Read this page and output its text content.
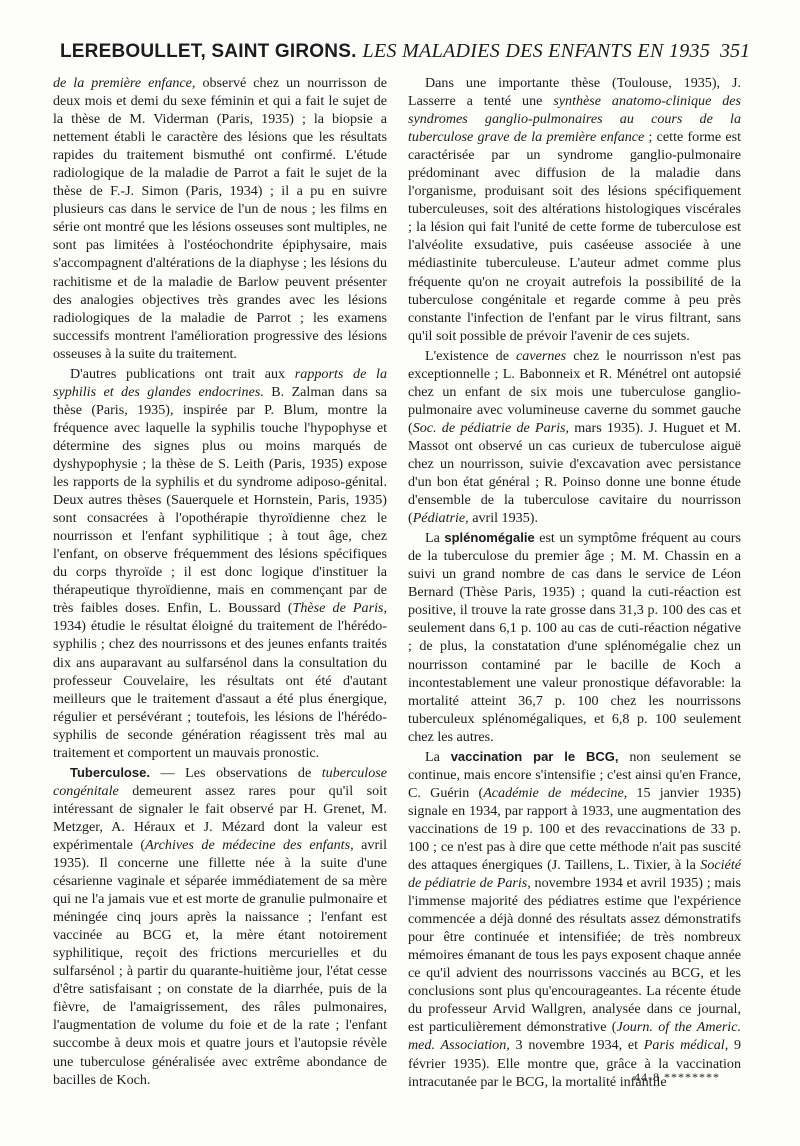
LEREBOULLET, SAINT GIRONS. LES MALADIES DES ENFANTS EN 1935 351

de la première enfance, observé chez un nourrisson de deux mois et demi du sexe féminin et qui a fait le sujet de la thèse de M. Viderman (Paris, 1935) ; la biopsie a nettement établi le caractère des lésions que les résultats rapides du traitement bismuthé ont confirmé. L'étude radiologique de la maladie de Parrot a fait le sujet de la thèse de F.-J. Simon (Paris, 1934) ; il a pu en suivre plusieurs cas dans le service de l'un de nous ; les films en série ont montré que les lésions osseuses sont multiples, ne sont pas limitées à l'ostéochondrite épiphysaire, mais s'accompagnent d'altérations de la diaphyse ; les lésions du rachitisme et de la maladie de Barlow peuvent présenter des analogies objectives très grandes avec les lésions radiologiques de la maladie de Parrot ; les examens successifs montrent l'amélioration progressive des lésions osseuses à la suite du traitement.

D'autres publications ont trait aux rapports de la syphilis et des glandes endocrines. B. Zalman dans sa thèse (Paris, 1935), inspirée par P. Blum, montre la fréquence avec laquelle la syphilis touche l'hypophyse et détermine des signes plus ou moins marqués de dyshypophysie ; la thèse de S. Leith (Paris, 1935) expose les rapports de la syphilis et du syndrome adiposo-génital. Deux autres thèses (Sauerquele et Hornstein, Paris, 1935) sont consacrées à l'opothérapie thyroïdienne chez le nourrisson et l'enfant syphilitique ; à tout âge, chez l'enfant, on observe fréquemment des lésions spécifiques du corps thyroïde ; il est donc logique d'instituer la thérapeutique thyroïdienne, mais en commençant par de très faibles doses. Enfin, L. Boussard (Thèse de Paris, 1934) étudie le résultat éloigné du traitement de l'hérédo-syphilis ; chez des nourrissons et des jeunes enfants traités dix ans auparavant au sulfarsénol dans la consultation du professeur Couvelaire, les résultats ont été d'autant meilleurs que le traitement d'assaut a été plus énergique, régulier et persévérant ; toutefois, les lésions de l'hérédo-syphilis de seconde génération réagissent très mal au traitement et comportent un mauvais pronostic.

Tuberculose. — Les observations de tuberculose congénitale demeurent assez rares pour qu'il soit intéressant de signaler le fait observé par H. Grenet, M. Metzger, A. Héraux et J. Mézard dont la valeur est expérimentale (Archives de médecine des enfants, avril 1935). Il concerne une fillette née à la suite d'une césarienne vaginale et séparée immédiatement de sa mère qui ne l'a jamais vue et est morte de granulie pulmonaire et méningée cinq jours après la naissance ; l'enfant est vaccinée au BCG et, la mère étant notoirement syphilitique, reçoit des frictions mercurielles et du sulfarsénol ; à partir du quarante-huitième jour, l'état cesse d'être satisfaisant ; on constate de la diarrhée, puis de la fièvre, de l'amaigrissement, des râles pulmonaires, l'augmentation de volume du foie et de la rate ; l'enfant succombe à deux mois et quatre jours et l'autopsie révèle une tuberculose généralisée avec extrême abondance de bacilles de Koch.

Dans une importante thèse (Toulouse, 1935), J. Lasserre a tenté une synthèse anatomo-clinique des syndromes ganglio-pulmonaires au cours de la tuberculose grave de la première enfance ; cette forme est caractérisée par un syndrome ganglio-pulmonaire prédominant avec diffusion de la maladie dans l'organisme, produisant soit des lésions spécifiquement tuberculeuses, soit des altérations histologiques viscérales ; la lésion qui fait l'unité de cette forme de tuberculose est l'alvéolite exsudative, puis caséeuse associée à une médiastinite tuberculeuse. L'auteur admet comme plus fréquente qu'on ne croyait autrefois la possibilité de la tuberculose congénitale et regarde comme à peu près constante l'infection de l'enfant par le virus filtrant, sans qu'il soit possible de prévoir l'avenir de ces sujets.

L'existence de cavernes chez le nourrisson n'est pas exceptionnelle ; L. Babonneix et R. Ménétrel ont autopsié chez un enfant de six mois une tuberculose ganglio-pulmonaire avec volumineuse caverne du sommet gauche (Soc. de pédiatrie de Paris, mars 1935). J. Huguet et M. Massot ont observé un cas curieux de tuberculose aiguë chez un nourrisson, suivie d'excavation avec persistance d'un bon état général ; R. Poinso donne une bonne étude d'ensemble de la tuberculose cavitaire du nourrisson (Pédiatrie, avril 1935).

La splénomégalie est un symptôme fréquent au cours de la tuberculose du premier âge ; M. M. Chassin en a suivi un grand nombre de cas dans le service de Léon Bernard (Thèse Paris, 1935) ; quand la cuti-réaction est positive, il trouve la rate grosse dans 31,3 p. 100 des cas et seulement dans 6,1 p. 100 au cas de cuti-réaction négative ; de plus, la constatation d'une splénomégalie chez un nourrisson contaminé par le bacille de Koch a incontestablement une valeur pronostique défavorable: la mortalité atteint 36,7 p. 100 chez les nourrissons tuberculeux splénomégaliques, et 6,8 p. 100 seulement chez les autres.

La vaccination par le BCG, non seulement se continue, mais encore s'intensifie ; c'est ainsi qu'en France, C. Guérin (Académie de médecine, 15 janvier 1935) signale en 1934, par rapport à 1933, une augmentation des vaccinations de 19 p. 100 et des revaccinations de 33 p. 100 ; ce n'est pas à dire que cette méthode n'ait pas suscité des attaques énergiques (J. Taillens, L. Tixier, à la Société de pédiatrie de Paris, novembre 1934 et avril 1935) ; mais l'immense majorité des pédiatres estime que l'expérience commencée a déjà donné des résultats assez démonstratifs pour être continuée et intensifiée; de très nombreux mémoires émanant de tous les pays exposent chaque année ce qu'il advient des nourrissons vaccinés au BCG, et les conclusions sont plus qu'encourageantes. La récente étude du professeur Arvid Wallgren, analysée dans ce journal, est particulièrement démonstrative (Journ. of the Americ. med. Association, 3 novembre 1934, et Paris médical, 9 février 1935). Elle montre que, grâce à la vaccination intracutanée par le BCG, la mortalité infantile

44-8 ********
